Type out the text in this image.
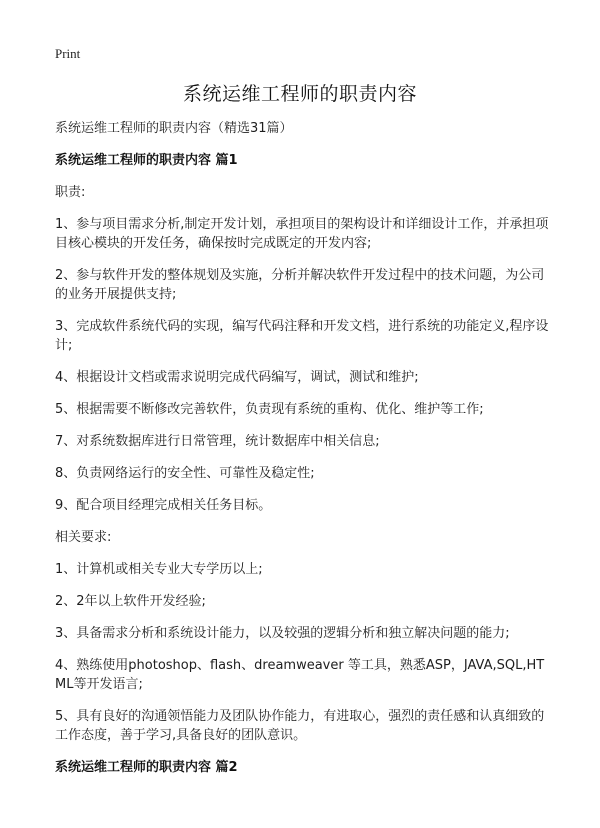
Print
系统运维工程师的职责内容

系统运维工程师的职责内容（精选31篇）

系统运维工程师的职责内容 篇1

职责:

1、参与项目需求分析,制定开发计划，承担项目的架构设计和详细设计工作，并承担项目核心模块的开发任务，确保按时完成既定的开发内容;

2、参与软件开发的整体规划及实施，分析并解决软件开发过程中的技术问题，为公司的业务开展提供支持;

3、完成软件系统代码的实现，编写代码注释和开发文档，进行系统的功能定义,程序设计;

4、根据设计文档或需求说明完成代码编写，调试，测试和维护;

5、根据需要不断修改完善软件，负责现有系统的重构、优化、维护等工作;

7、对系统数据库进行日常管理，统计数据库中相关信息;

8、负责网络运行的安全性、可靠性及稳定性;

9、配合项目经理完成相关任务目标。

相关要求:

1、计算机或相关专业大专学历以上;

2、2年以上软件开发经验;

3、具备需求分析和系统设计能力，以及较强的逻辑分析和独立解决问题的能力;

4、熟练使用photoshop、flash、dreamweaver 等工具，熟悉ASP，JAVA,SQL,HTML等开发语言;

5、具有良好的沟通领悟能力及团队协作能力，有进取心，强烈的责任感和认真细致的工作态度，善于学习,具备良好的团队意识。

系统运维工程师的职责内容 篇2
